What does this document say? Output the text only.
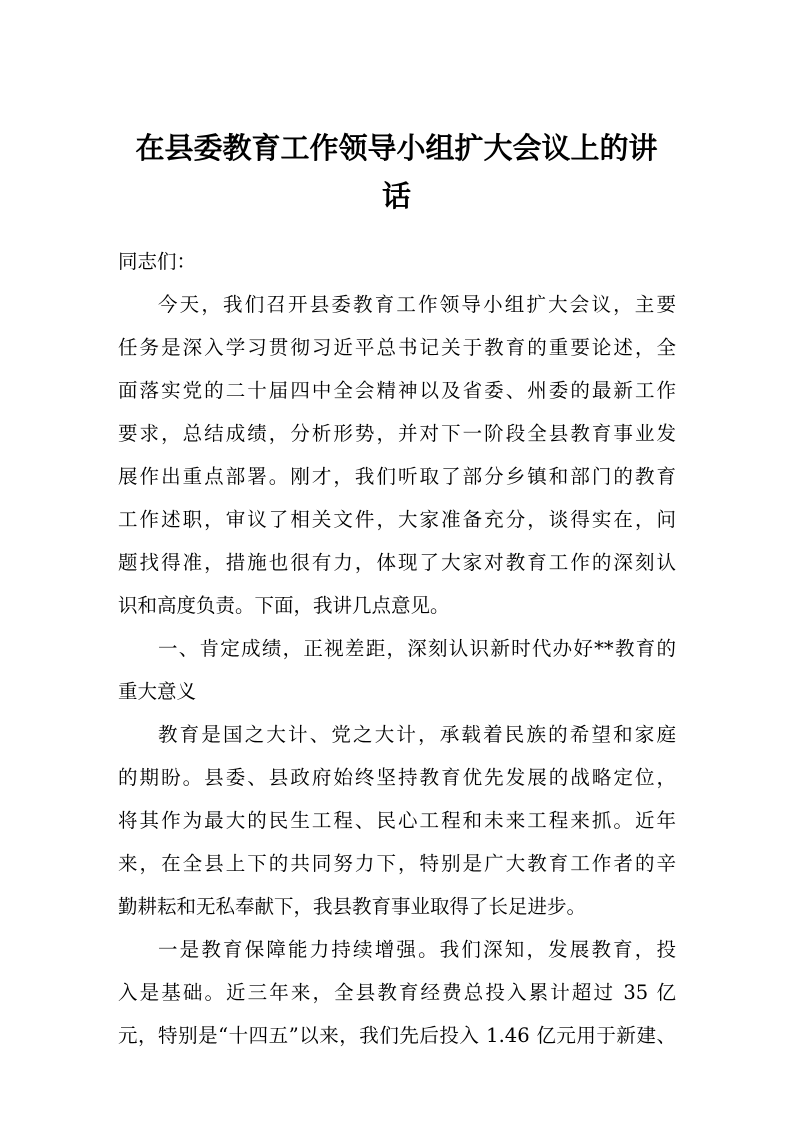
在县委教育工作领导小组扩大会议上的讲
话
同志们：
今天，我们召开县委教育工作领导小组扩大会议，主要
任务是深入学习贯彻习近平总书记关于教育的重要论述，全
面落实党的二十届四中全会精神以及省委、州委的最新工作
要求，总结成绩，分析形势，并对下一阶段全县教育事业发
展作出重点部署。刚才，我们听取了部分乡镇和部门的教育
工作述职，审议了相关文件，大家准备充分，谈得实在，问
题找得准，措施也很有力，体现了大家对教育工作的深刻认
识和高度负责。下面，我讲几点意见。
一、肯定成绩，正视差距，深刻认识新时代办好**教育的
重大意义
教育是国之大计、党之大计，承载着民族的希望和家庭
的期盼。县委、县政府始终坚持教育优先发展的战略定位，
将其作为最大的民生工程、民心工程和未来工程来抓。近年
来，在全县上下的共同努力下，特别是广大教育工作者的辛
勤耕耘和无私奉献下，我县教育事业取得了长足进步。
一是教育保障能力持续增强。我们深知，发展教育，投
入是基础。近三年来，全县教育经费总投入累计超过 35 亿
元，特别是“十四五”以来，我们先后投入 1.46 亿元用于新建、
